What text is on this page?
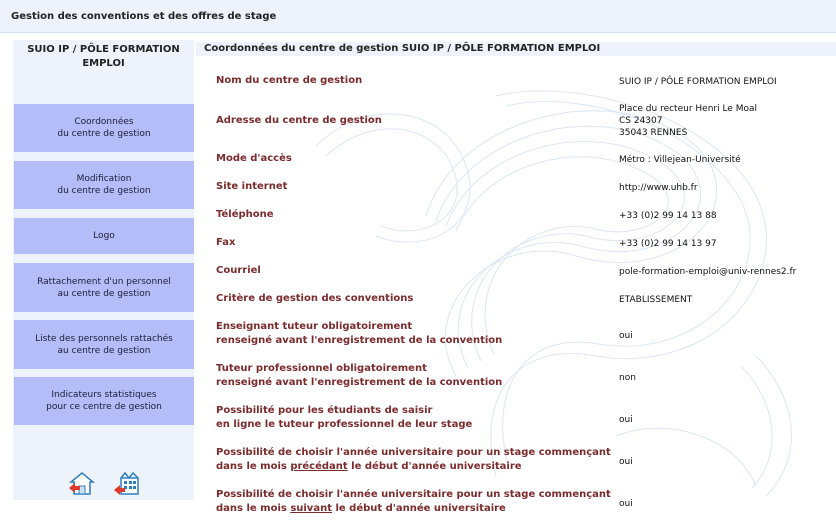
Gestion des conventions et des offres de stage
SUIO IP / PÔLE FORMATION
EMPLOI
Coordonnées
du centre de gestion
Modification
du centre de gestion
Logo
Rattachement d'un personnel
au centre de gestion
Liste des personnels rattachés
au centre de gestion
Indicateurs statistiques
pour ce centre de gestion
Coordonnées du centre de gestion SUIO IP / PÔLE FORMATION EMPLOI
Nom du centre de gestion	SUIO IP / PÔLE FORMATION EMPLOI
Adresse du centre de gestion
Place du recteur Henri Le Moal
CS 24307
35043 RENNES
Mode d'accès	Métro : Villejean-Université
Site internet	http://www.uhb.fr
Téléphone	+33 (0)2 99 14 13 88
Fax	+33 (0)2 99 14 13 97
Courriel	pole-formation-emploi@univ-rennes2.fr
Critère de gestion des conventions	ETABLISSEMENT
Enseignant tuteur obligatoirement
renseigné avant l'enregistrement de la convention	oui
Tuteur professionnel obligatoirement
renseigné avant l'enregistrement de la convention	non
Possibilité pour les étudiants de saisir
en ligne le tuteur professionnel de leur stage	oui
Possibilité de choisir l'année universitaire pour un stage commençant
dans le mois précédant le début d'année universitaire	oui
Possibilité de choisir l'année universitaire pour un stage commençant
dans le mois suivant le début d'année universitaire	oui
